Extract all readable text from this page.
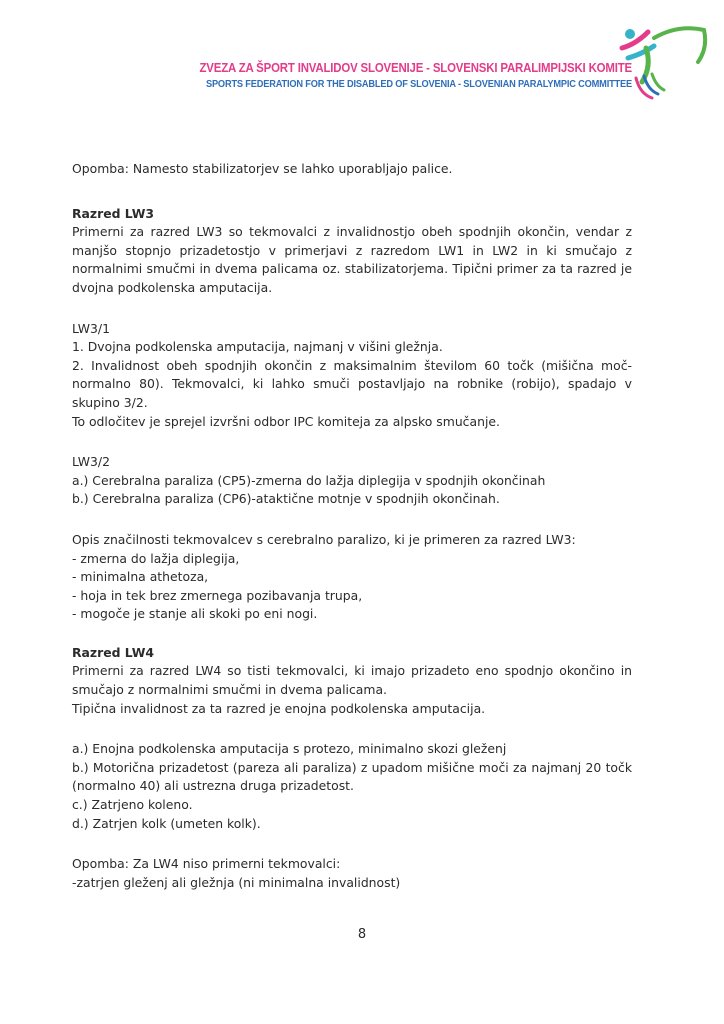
ZVEZA ZA ŠPORT INVALIDOV SLOVENIJE - SLOVENSKI PARALIMPIJSKI KOMITE
SPORTS FEDERATION FOR THE DISABLED OF SLOVENIA - SLOVENIAN PARALYMPIC COMMITTEE

Opomba: Namesto stabilizatorjev se lahko uporabljajo palice.

Razred LW3

Primerni za razred LW3 so tekmovalci z invalidnostjo obeh spodnjih okončin, vendar z manjšo stopnjo prizadetostjo v primerjavi z razredom LW1 in LW2 in ki smučajo z normalnimi smučmi in dvema palicama oz. stabilizatorjema. Tipični primer za ta razred je dvojna podkolenska amputacija.

LW3/1

1. Dvojna podkolenska amputacija, najmanj v višini gležnja.

2. Invalidnost obeh spodnjih okončin z maksimalnim številom 60 točk (mišična moč-normalno 80). Tekmovalci, ki lahko smuči postavljajo na robnike (robijo), spadajo v skupino 3/2.

To odločitev je sprejel izvršni odbor IPC komiteja za alpsko smučanje.

LW3/2

a.) Cerebralna paraliza (CP5)-zmerna do lažja diplegija v spodnjih okončinah

b.) Cerebralna paraliza (CP6)-ataktične motnje v spodnjih okončinah.

Opis značilnosti tekmovalcev s cerebralno paralizo, ki je primeren za razred LW3:

- zmerna do lažja diplegija,

- minimalna athetoza,

- hoja in tek brez zmernega pozibavanja trupa,

- mogoče je stanje ali skoki po eni nogi.

Razred LW4

Primerni za razred LW4 so tisti tekmovalci, ki imajo prizadeto eno spodnjo okončino in smučajo z normalnimi smučmi in dvema palicama.

Tipična invalidnost za ta razred je enojna podkolenska amputacija.

a.) Enojna podkolenska amputacija s protezo, minimalno skozi gleženj

b.) Motorična prizadetost (pareza ali paraliza) z upadom mišične moči za najmanj 20 točk (normalno 40) ali ustrezna druga prizadetost.

c.) Zatrjeno koleno.

d.) Zatrjen kolk (umeten kolk).

Opomba: Za LW4 niso primerni tekmovalci:

-zatrjen gleženj ali gležnja (ni minimalna invalidnost)

8
